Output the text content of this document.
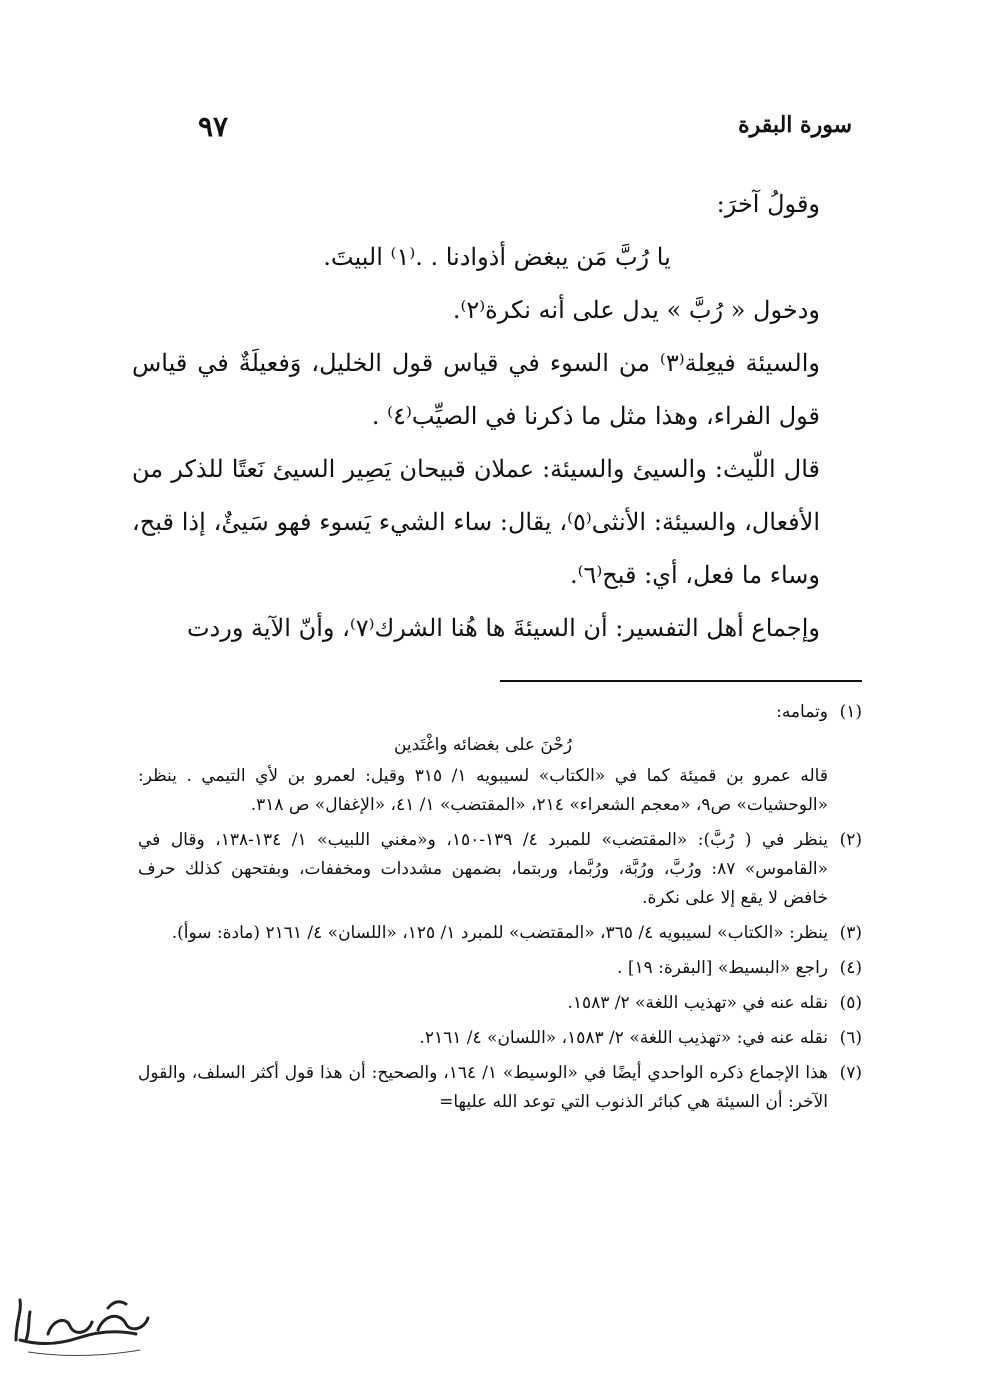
سورة البقرة
٩٧

وقولُ آخرَ:

يا رُبَّ مَن يبغض أذوادنا . .⁽١⁾ البيتَ.

ودخول « رُبَّ » يدل على أنه نكرة⁽٢⁾.

والسيئة فيعِلة⁽٣⁾ من السوء في قياس قول الخليل، وَفعيلَةٌ في قياس قول الفراء، وهذا مثل ما ذكرنا في الصيِّب⁽٤⁾ .

قال اللّيث: والسيئ والسيئة: عملان قبيحان يَصِير السيئ نَعتًا للذكر من الأفعال، والسيئة: الأنثى⁽٥⁾، يقال: ساء الشيء يَسوء فهو سَيئٌ، إذا قبح، وساء ما فعل، أي: قبح⁽٦⁾.

وإجماع أهل التفسير: أن السيئةَ ها هُنا الشرك⁽٧⁾، وأنّ الآية وردت

(١)

وتمامه:

رُحْنَ على بغضائه واغْتَدين

قاله عمرو بن قميئة كما في «الكتاب» لسيبويه ١/ ٣١٥ وقيل: لعمرو بن لأي التيمي . ينظر: «الوحشيات» ص٩، «معجم الشعراء» ٢١٤، «المقتضب» ١/ ٤١، «الإغفال» ص ٣١٨.

(٢)

ينظر في ( رُبَّ): «المقتضب» للمبرد ٤/ ١٣٩-١٥٠، و«مغني اللبيب» ١/ ١٣٤-١٣٨، وقال في «القاموس» ٨٧: ورُبَّ، ورُبَّة، ورُبَّما، وربتما، بضمهن مشددات ومخففات، وبفتحهن كذلك حرف خافض لا يقع إلا على نكرة.

(٣)

ينظر: «الكتاب» لسيبويه ٤/ ٣٦٥، «المقتضب» للمبرد ١/ ١٢٥، «اللسان» ٤/ ٢١٦١ (مادة: سوأ).

(٤)

راجع «البسيط» [البقرة: ١٩] .

(٥)

نقله عنه في «تهذيب اللغة» ٢/ ١٥٨٣.

(٦)

نقله عنه في: «تهذيب اللغة» ٢/ ١٥٨٣، «اللسان» ٤/ ٢١٦١.

(٧)

هذا الإجماع ذكره الواحدي أيضًا في «الوسيط» ١/ ١٦٤، والصحيح: أن هذا قول أكثر السلف، والقول الآخر: أن السيئة هي كبائر الذنوب التي توعد الله عليها=
